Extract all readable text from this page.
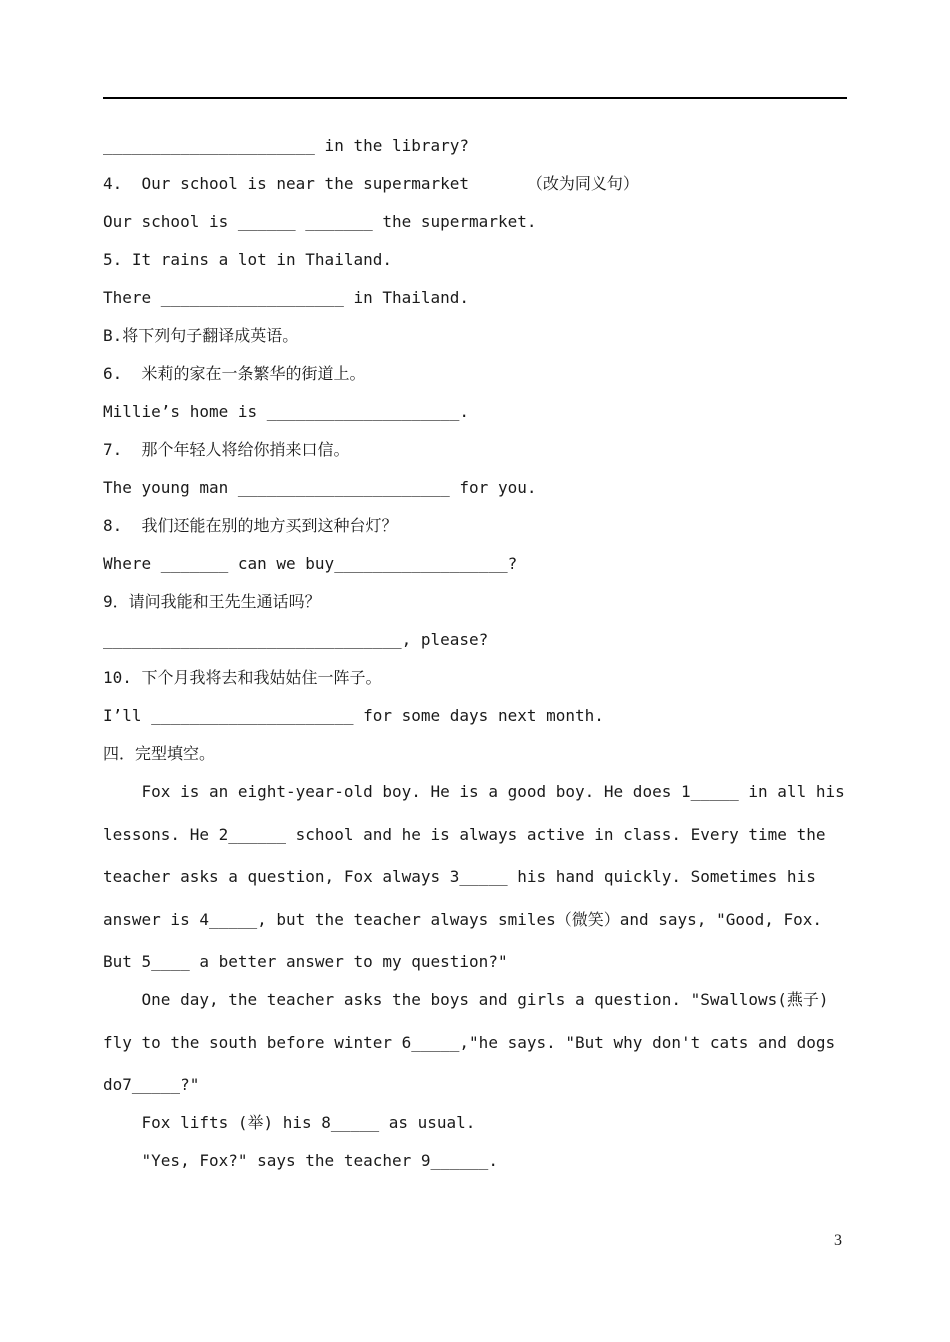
______________________ in the library?
4.  Our school is near the supermarket      （改为同义句）
Our school is ______ _______ the supermarket.
5. It rains a lot in Thailand.
There ___________________ in Thailand.
B.将下列句子翻译成英语。
6.  米莉的家在一条繁华的街道上。
Millie’s home is ____________________.
7.  那个年轻人将给你捎来口信。
The young man ______________________ for you.
8.  我们还能在别的地方买到这种台灯？
Where _______ can we buy__________________?
9．请问我能和王先生通话吗？
_______________________________, please?
10. 下个月我将去和我姑姑住一阵子。
I’ll _____________________ for some days next month.
四．完型填空。
Fox is an eight-year-old boy. He is a good boy. He does 1_____ in all his
lessons. He 2______ school and he is always active in class. Every time the
teacher asks a question, Fox always 3_____ his hand quickly. Sometimes his
answer is 4_____, but the teacher always smiles（微笑）and says, "Good, Fox.
But 5____ a better answer to my question?"
One day, the teacher asks the boys and girls a question. "Swallows(燕子)
fly to the south before winter 6_____,"he says. "But why don't cats and dogs
do7_____?"
Fox lifts (举) his 8_____ as usual.
"Yes, Fox?" says the teacher 9______.
3
